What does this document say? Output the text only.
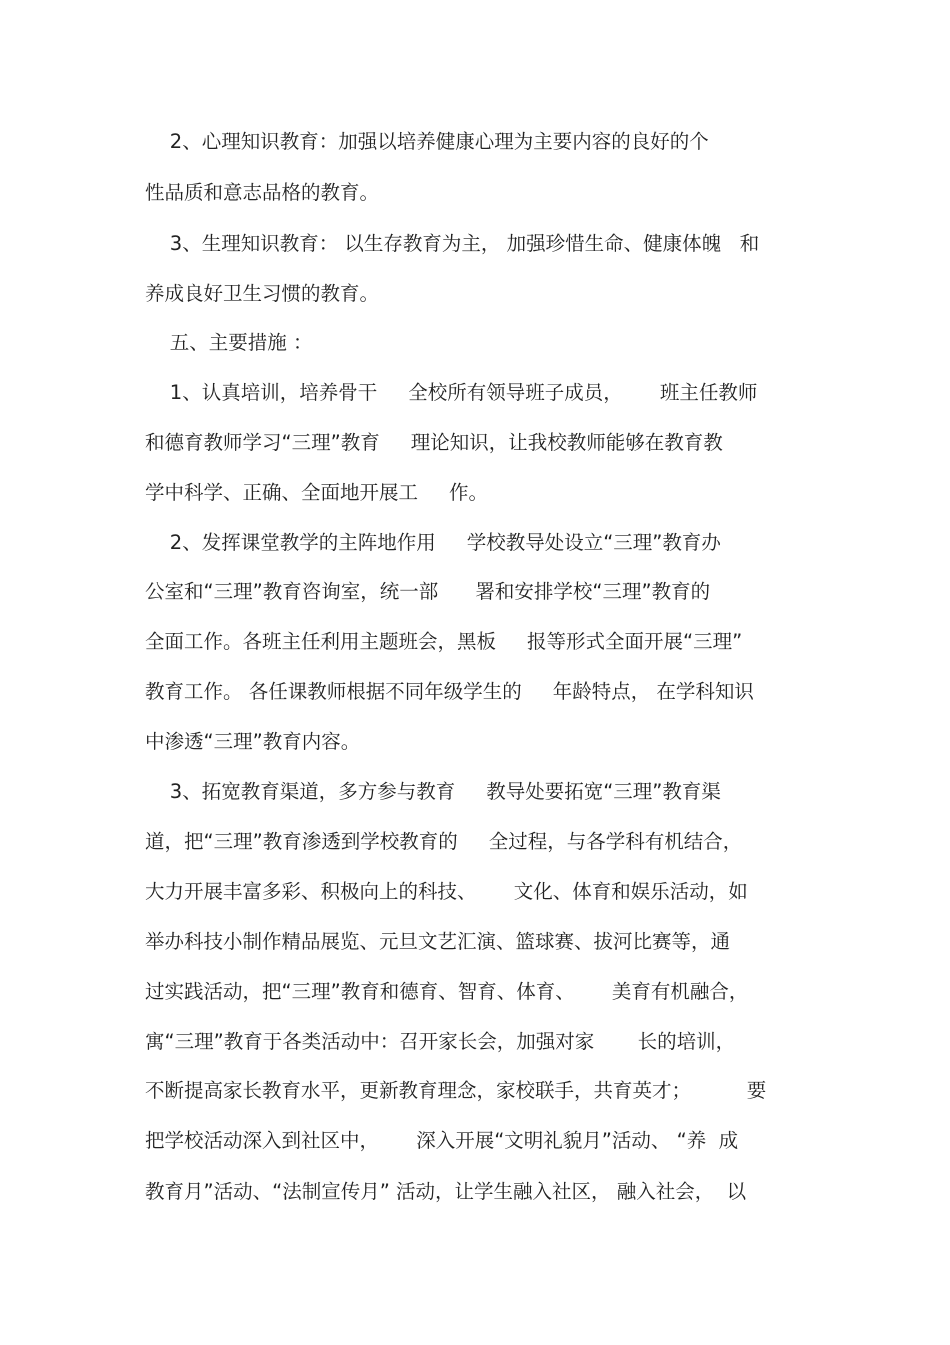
2、心理知识教育：加强以培养健康心理为主要内容的良好的个
性品质和意志品格的教育。
3、生理知识教育： 以生存教育为主， 加强珍惜生命、健康体魄   和
养成良好卫生习惯的教育。
五、主要措施 ：
1、认真培训，培养骨干     全校所有领导班子成员，      班主任教师
和德育教师学习“三理”教育     理论知识，让我校教师能够在教育教
学中科学、正确、全面地开展工     作。
2、发挥课堂教学的主阵地作用     学校教导处设立“三理”教育办
公室和“三理”教育咨询室，统一部      署和安排学校“三理”教育的
全面工作。各班主任利用主题班会，黑板     报等形式全面开展“三理”
教育工作。 各任课教师根据不同年级学生的     年龄特点， 在学科知识
中渗透“三理”教育内容。
3、拓宽教育渠道，多方参与教育     教导处要拓宽“三理”教育渠
道，把“三理”教育渗透到学校教育的     全过程，与各学科有机结合，
大力开展丰富多彩、积极向上的科技、      文化、体育和娱乐活动，如
举办科技小制作精品展览、元旦文艺汇演、篮球赛、拔河比赛等，通
过实践活动，把“三理”教育和德育、智育、体育、      美育有机融合，
寓“三理”教育于各类活动中：召开家长会，加强对家       长的培训，
不断提高家长教育水平，更新教育理念，家校联手，共育英才；         要
把学校活动深入到社区中，      深入开展“文明礼貌月”活动、 “养  成
教育月”活动、“法制宣传月” 活动，让学生融入社区， 融入社会，  以
